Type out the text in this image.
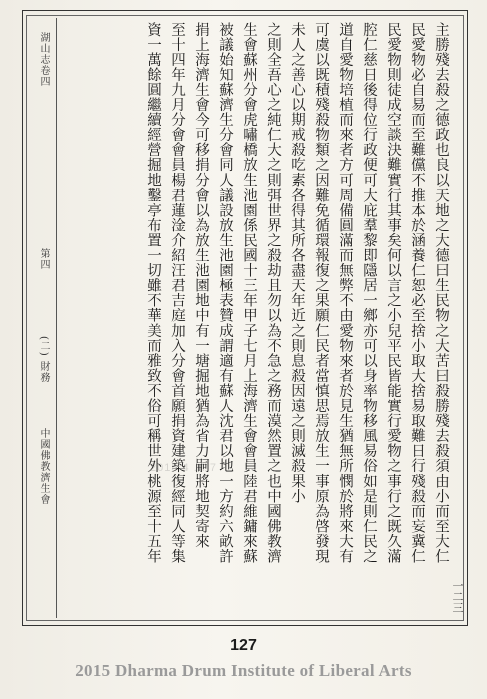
湖山志卷四
第四
(二) 財務
中國佛教濟生會	主勝殘去殺之德政也良以天地之大德曰生民物之大苦曰殺勝殘去殺須由小而至大仁
民愛物必自易而至難儻不推本於涵養仁恕必至捨小取大捨易取難日行殘殺而妄冀仁
民愛物則徒成空談決難實行其事矣何以言之小兒平民皆能實行愛物之事行之既久滿
腔仁慈日後得位行政便可大庇羣黎即隱居一鄉亦可以身率物移風易俗如是則仁民之
道自愛物培植而來者方可周備圓滿而無弊不由愛物來者於見生猶無所憫於將來大有
可虞以既積殘殺物類之因難免循環報復之果願仁民者當慎思焉放生一事原為啓發現
未人之善心以期戒殺吃素各得其所各盡天年近之則息殺因遠之則滅殺果小
之則全吾心之純仁大之則弭世界之殺劫且勿以為不急之務而漠然置之也中國佛教濟
生會蘇州分會虎嘯橋放生池園係民國十三年甲子七月上海濟生會會員陸君維鏞來蘇
被議始知蘇濟生分會同人議設放生池園極表贊成謂適有蘇人沈君以地一方約六畝許
捐上海濟生會今可移捐分會以為放生池園地中有一塘掘地猶為省力嗣將地契寄來
至十四年九月分會會員楊君蓮淦介紹汪君吉庭加入分會首願捐資建築復經同人等集
資一萬餘圓繼續經營掘地鑿亭布置一切雖不華美而雅致不俗可稱世外桃源至十五年
一二三
2015 4 ... 7
127
2015 Dharma Drum Institute of Liberal Arts
